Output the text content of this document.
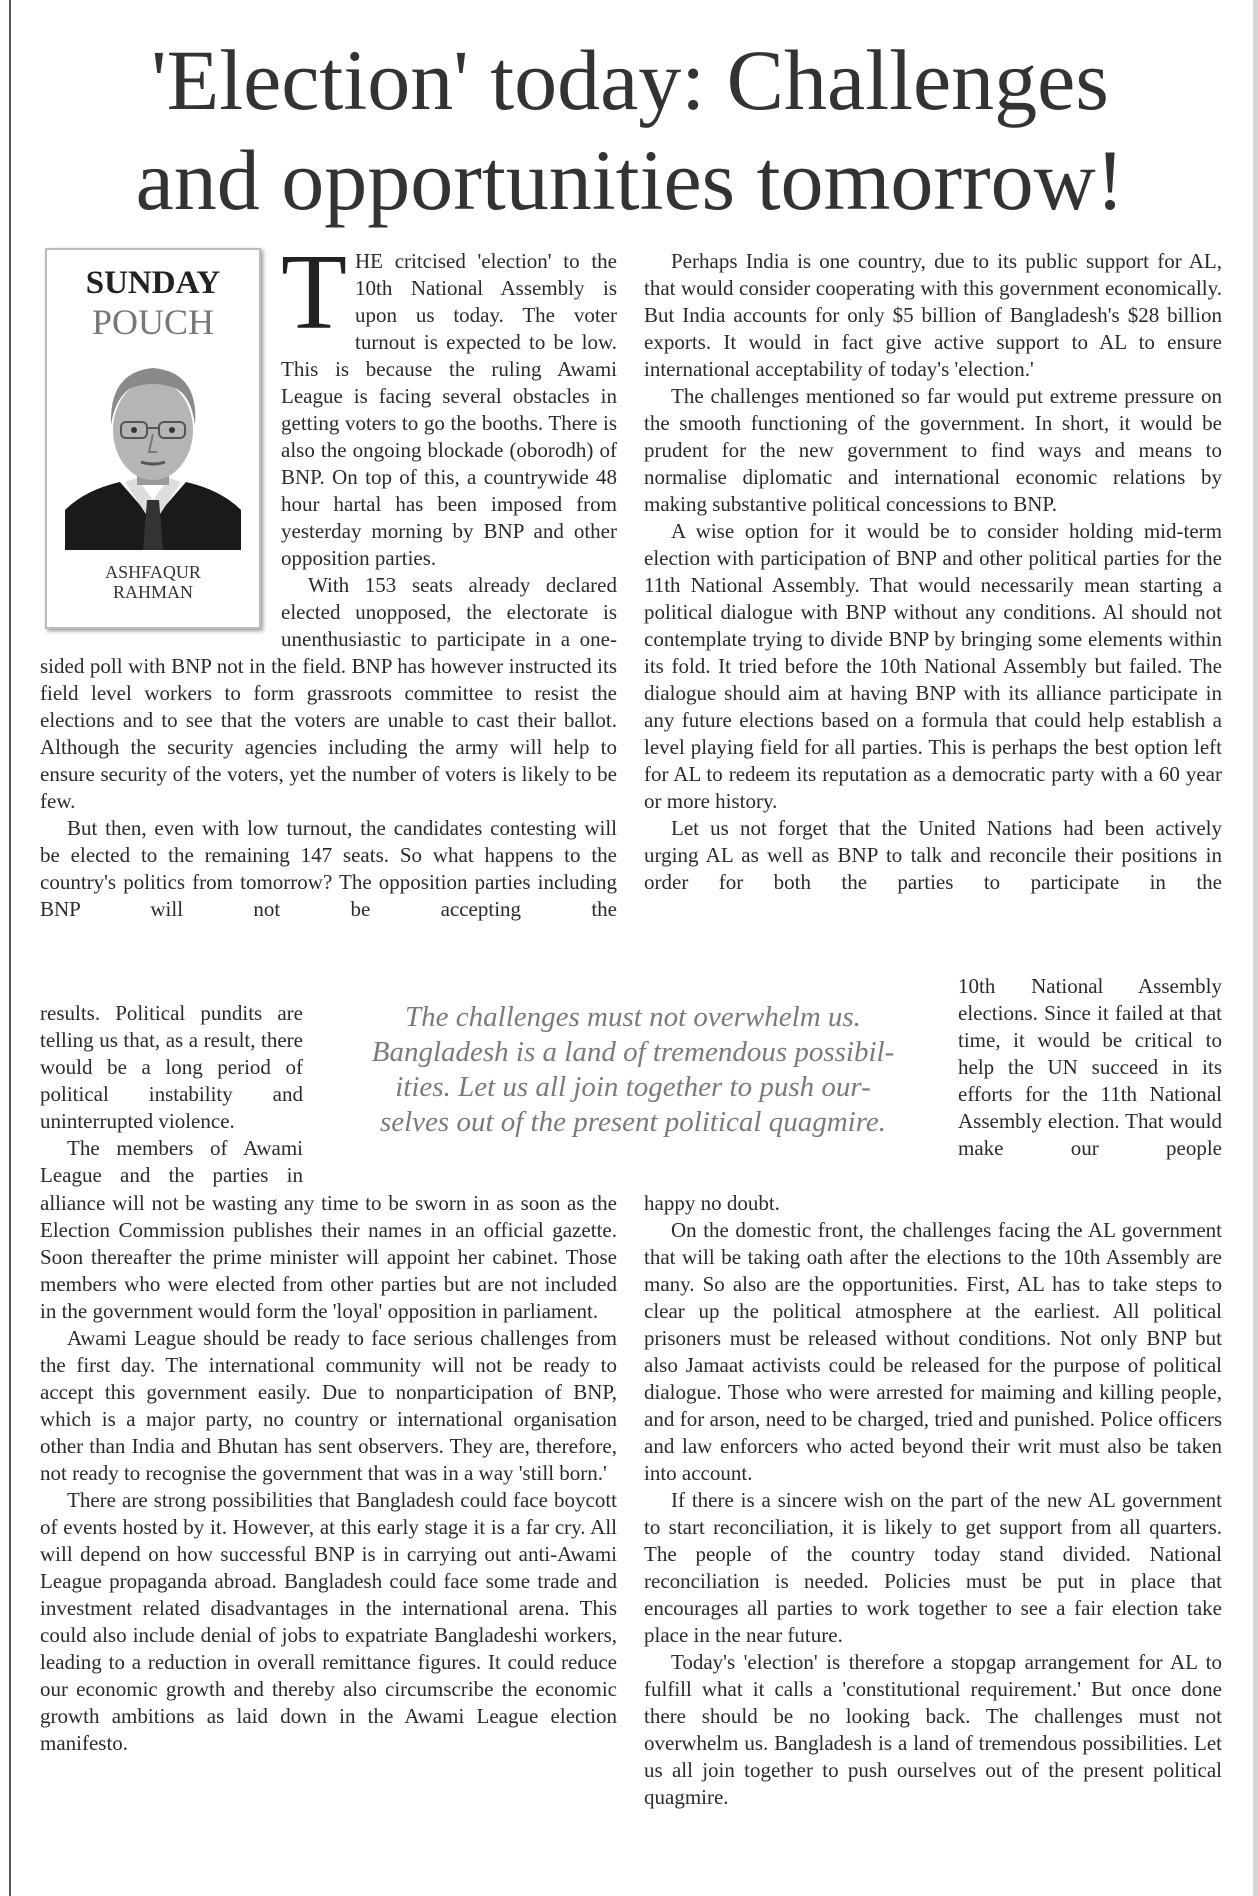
'Election' today: Challenges
and opportunities tomorrow!
SUNDAY
POUCH
ASHFAQUR
RAHMAN
T HE critcised 'election' to the 10th National Assembly is upon us today. The voter turnout is expected to be low. This is because the ruling Awami League is facing several obstacles in getting voters to go the booths. There is also the ongoing blockade (oborodh) of BNP. On top of this, a countrywide 48 hour hartal has been imposed from yesterday morning by BNP and other opposition parties.

With 153 seats already declared elected unopposed, the electorate is unenthusiastic to participate in a one-sided poll with BNP not in the field. BNP has however instructed its field level workers to form grassroots committee to resist the elections and to see that the voters are unable to cast their ballot. Although the security agencies including the army will help to ensure security of the voters, yet the number of voters is likely to be few.

But then, even with low turnout, the candidates contesting will be elected to the remaining 147 seats. So what happens to the country's politics from tomorrow? The opposition parties including BNP will not be accepting the

results. Political pundits are telling us that, as a result, there would be a long period of political instability and uninterrupted violence.

The members of Awami League and the parties in

alliance will not be wasting any time to be sworn in as soon as the Election Commission publishes their names in an official gazette. Soon thereafter the prime minister will appoint her cabinet. Those members who were elected from other parties but are not included in the government would form the 'loyal' opposition in parliament.

Awami League should be ready to face serious challenges from the first day. The international community will not be ready to accept this government easily. Due to nonparticipation of BNP, which is a major party, no country or international organisation other than India and Bhutan has sent observers. They are, therefore, not ready to recognise the government that was in a way 'still born.'

There are strong possibilities that Bangladesh could face boycott of events hosted by it. However, at this early stage it is a far cry. All will depend on how successful BNP is in carrying out anti-Awami League propaganda abroad. Bangladesh could face some trade and investment related disadvantages in the international arena. This could also include denial of jobs to expatriate Bangladeshi workers, leading to a reduction in overall remittance figures. It could reduce our economic growth and thereby also circumscribe the economic growth ambitions as laid down in the Awami League election manifesto.

The challenges must not overwhelm us.
Bangladesh is a land of tremendous possibil-
ities. Let us all join together to push our-
selves out of the present political quagmire.

Perhaps India is one country, due to its public support for AL, that would consider cooperating with this government economically. But India accounts for only $5 billion of Bangladesh's $28 billion exports. It would in fact give active support to AL to ensure international acceptability of today's 'election.'

The challenges mentioned so far would put extreme pressure on the smooth functioning of the government. In short, it would be prudent for the new government to find ways and means to normalise diplomatic and international economic relations by making substantive political concessions to BNP.

A wise option for it would be to consider holding mid-term election with participation of BNP and other political parties for the 11th National Assembly. That would necessarily mean starting a political dialogue with BNP without any conditions. Al should not contemplate trying to divide BNP by bringing some elements within its fold. It tried before the 10th National Assembly but failed. The dialogue should aim at having BNP with its alliance participate in any future elections based on a formula that could help establish a level playing field for all parties. This is perhaps the best option left for AL to redeem its reputation as a democratic party with a 60 year or more history.

Let us not forget that the United Nations had been actively urging AL as well as BNP to talk and reconcile their positions in order for both the parties to participate in the

10th National Assembly elections. Since it failed at that time, it would be critical to help the UN succeed in its efforts for the 11th National Assembly election. That would make our people

happy no doubt.

On the domestic front, the challenges facing the AL government that will be taking oath after the elections to the 10th Assembly are many. So also are the opportunities. First, AL has to take steps to clear up the political atmosphere at the earliest. All political prisoners must be released without conditions. Not only BNP but also Jamaat activists could be released for the purpose of political dialogue. Those who were arrested for maiming and killing people, and for arson, need to be charged, tried and punished. Police officers and law enforcers who acted beyond their writ must also be taken into account.

If there is a sincere wish on the part of the new AL government to start reconciliation, it is likely to get support from all quarters. The people of the country today stand divided. National reconciliation is needed. Policies must be put in place that encourages all parties to work together to see a fair election take place in the near future.

Today's 'election' is therefore a stopgap arrangement for AL to fulfill what it calls a 'constitutional requirement.' But once done there should be no looking back. The challenges must not overwhelm us. Bangladesh is a land of tremendous possibilities. Let us all join together to push ourselves out of the present political quagmire.
